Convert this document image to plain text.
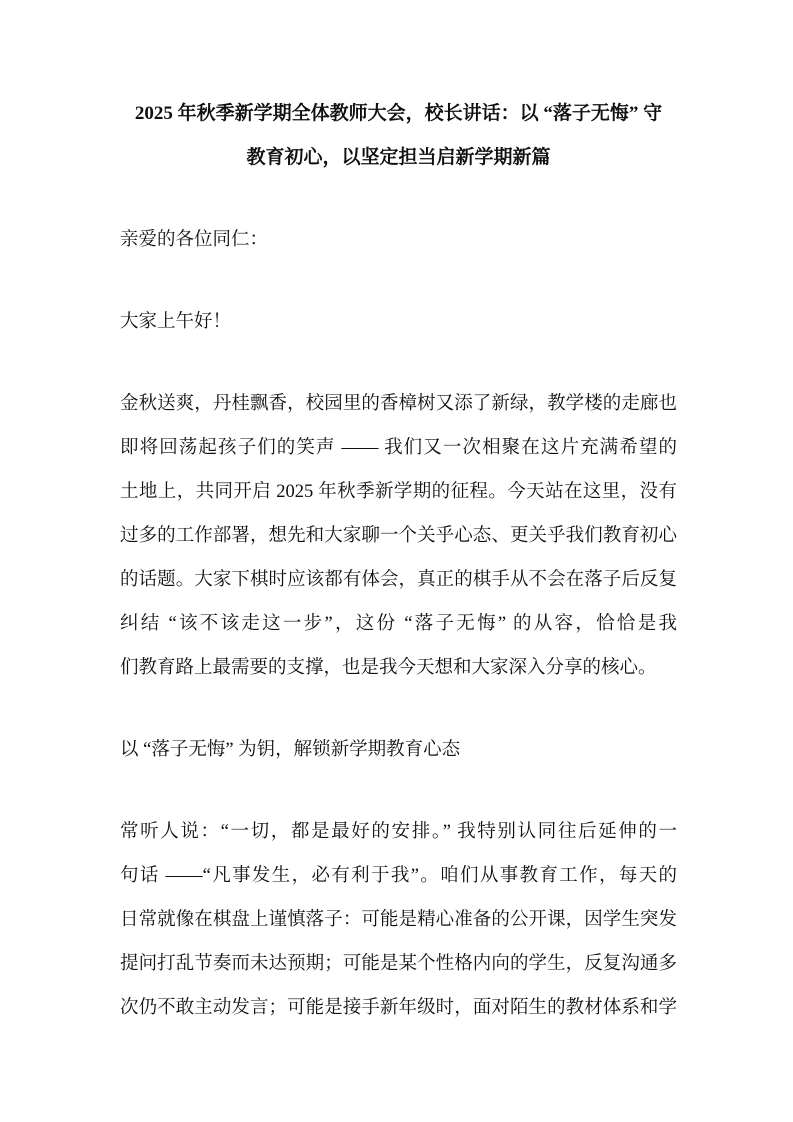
2025 年秋季新学期全体教师大会，校长讲话：以 “落子无悔” 守
教育初心，以坚定担当启新学期新篇

亲爱的各位同仁：

大家上午好！

金秋送爽，丹桂飘香，校园里的香樟树又添了新绿，教学楼的走廊也
即将回荡起孩子们的笑声 —— 我们又一次相聚在这片充满希望的
土地上，共同开启 2025 年秋季新学期的征程。今天站在这里，没有
过多的工作部署，想先和大家聊一个关乎心态、更关乎我们教育初心
的话题。大家下棋时应该都有体会，真正的棋手从不会在落子后反复
纠结 “该不该走这一步”，这份 “落子无悔” 的从容，恰恰是我
们教育路上最需要的支撑，也是我今天想和大家深入分享的核心。

以 “落子无悔” 为钥，解锁新学期教育心态

常听人说：“一切，都是最好的安排。” 我特别认同往后延伸的一
句话 ——“凡事发生，必有利于我”。咱们从事教育工作，每天的
日常就像在棋盘上谨慎落子：可能是精心准备的公开课，因学生突发
提问打乱节奏而未达预期；可能是某个性格内向的学生，反复沟通多
次仍不敢主动发言；可能是接手新年级时，面对陌生的教材体系和学
